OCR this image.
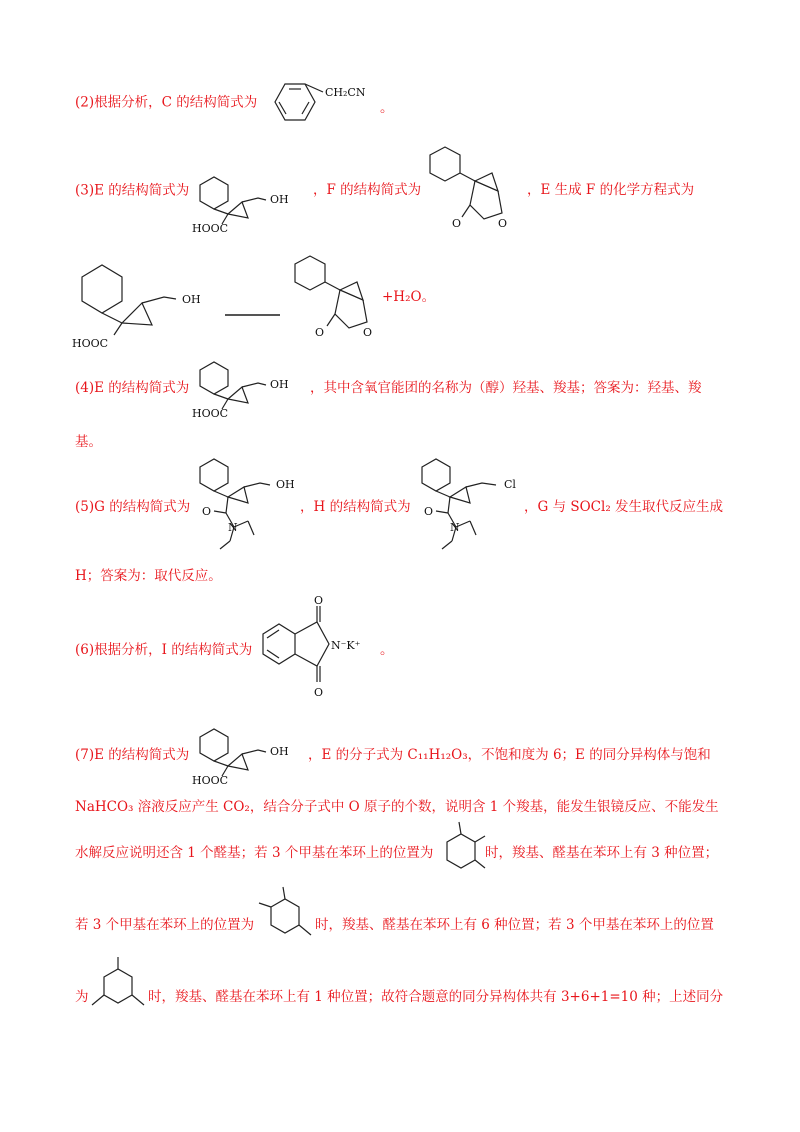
(2)根据分析，C 的结构简式为
CH₂CN
。
(3)E 的结构简式为
OH
HOOC
，F 的结构简式为
O	O
，E 生成 F 的化学方程式为
OH
HOOC
O	O
+H₂O。
(4)E 的结构简式为	OH
HOOC
，其中含氧官能团的名称为（醇）羟基、羧基；答案为：羟基、羧
基。
(5)G 的结构简式为
OH
O
N
，H 的结构简式为
Cl
O
N
，G 与 SOCl₂ 发生取代反应生成
H；答案为：取代反应。
(6)根据分析，I 的结构简式为
O
O
N⁻K⁺ 。
(7)E 的结构简式为	OH
HOOC
，E 的分子式为 C₁₁H₁₂O₃，不饱和度为 6；E 的同分异构体与饱和
NaHCO₃ 溶液反应产生 CO₂，结合分子式中 O 原子的个数，说明含 1 个羧基，能发生银镜反应、不能发生
水解反应说明还含 1 个醛基；若 3 个甲基在苯环上的位置为	时，羧基、醛基在苯环上有 3 种位置；
若 3 个甲基在苯环上的位置为	时，羧基、醛基在苯环上有 6 种位置；若 3 个甲基在苯环上的位置
为	时，羧基、醛基在苯环上有 1 种位置；故符合题意的同分异构体共有 3+6+1=10 种；上述同分
